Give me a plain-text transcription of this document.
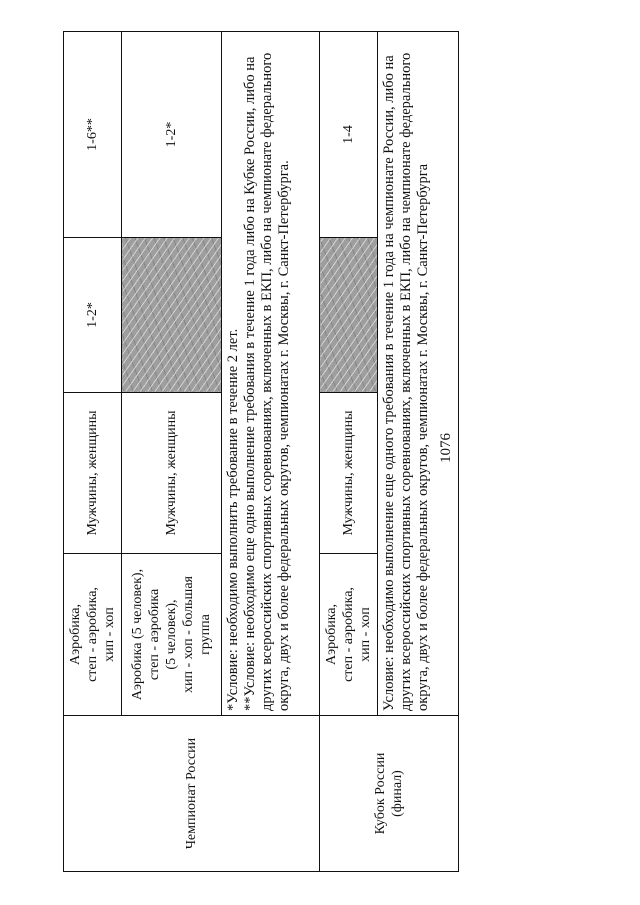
1076
Чемпионат России	Аэробика,
степ - аэробика,
хип - хоп	Мужчины, женщины	1-2*	1-6**
	Аэробика (5 человек),
степ - аэробика
(5 человек),
хип - хоп - большая
группа	Мужчины, женщины		1-2*
	*Условие: необходимо выполнить требование в течение 2 лет.
**Условие: необходимо еще одно выполнение требования в течение 1 года либо на Кубке России, либо на других всероссийских спортивных соревнованиях, включенных в ЕКП, либо на чемпионате федерального округа, двух и более федеральных округов, чемпионатах г. Москвы, г. Санкт-Петербурга.			
Кубок России
(финал)	Аэробика,
степ - аэробика,
хип - хоп	Мужчины, женщины		1-4
	Условие: необходимо выполнение еще одного требования в течение 1 года на чемпионате России, либо на других всероссийских спортивных соревнованиях, включенных в ЕКП, либо на чемпионате федерального округа, двух и более федеральных округов, чемпионатах г. Москвы, г. Санкт-Петербурга			
